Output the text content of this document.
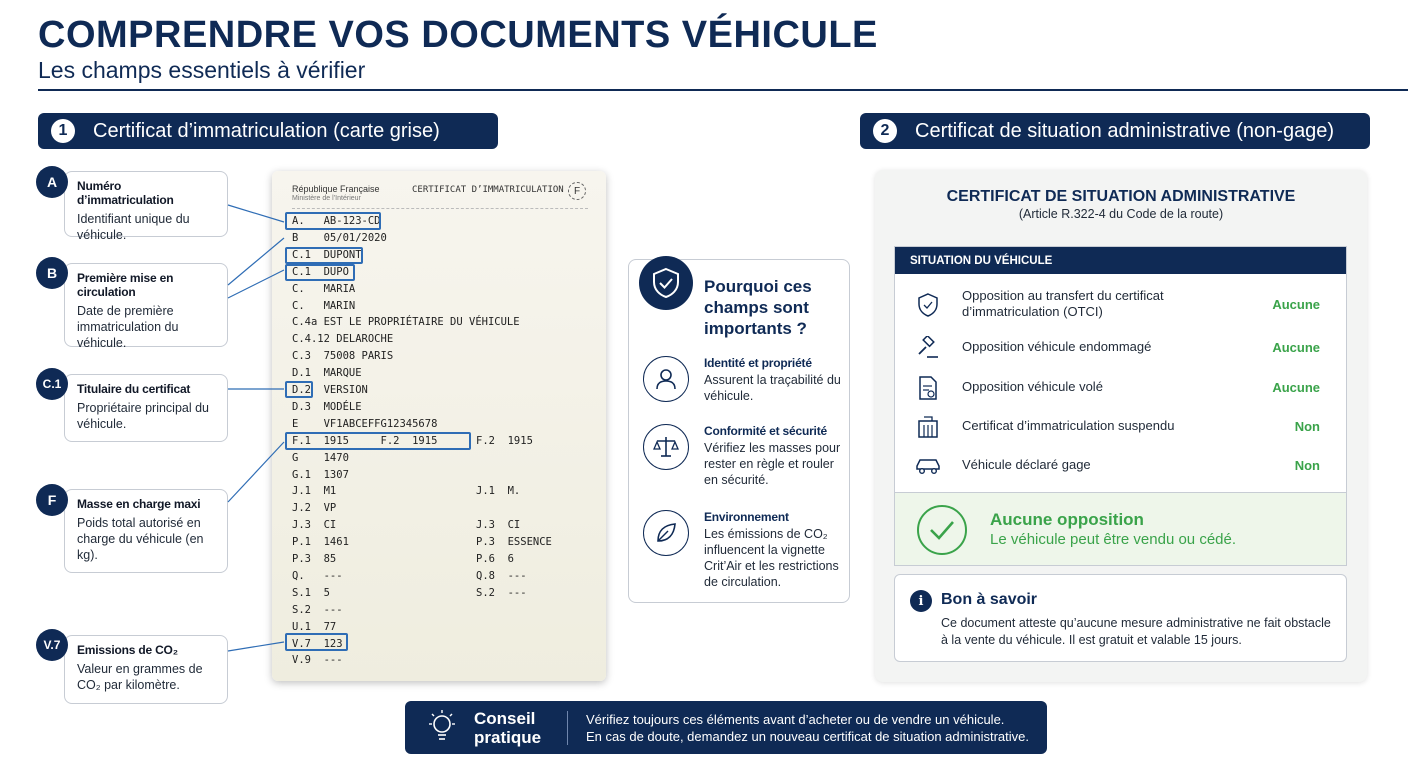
COMPRENDRE VOS DOCUMENTS VÉHICULE
Les champs essentiels à vérifier
1	Certificat d’immatriculation (carte grise)	2	Certificat de situation administrative (non-gage)
Numéro d’immatriculation
Identifiant unique du véhicule.
A
Première mise en circulation
Date de première immatriculation du véhicule.
B
Titulaire du certificat
Propriétaire principal du véhicule.
C.1
Masse en charge maxi
Poids total autorisé en charge du véhicule (en kg).
F
Emissions de CO₂
Valeur en grammes de CO₂ par kilomètre.
V.7
République Française
Ministère de l’Intérieur
CERTIFICAT D’IMMATRICULATION	F
A.   AB-123-CD
B    05/01/2020
C.1  DUPONT
C.1  DUPO
C.   MARIA
C.   MARIN
C.4a EST LE PROPRIÉTAIRE DU VÉHICULE
C.4.12 DELAROCHE
C.3  75008 PARIS
D.1  MARQUE
D.2  VERSION
D.3  MODÉLE
E    VF1ABCEFFG12345678
F.1  1915     F.2  1915	F.2  1915
G    1470
G.1  1307
J.1  M1	J.1  M.
J.2  VP
J.3  CI	J.3  CI
P.1  1461	P.3  ESSENCE
P.3  85	P.6  6
Q.   ---	Q.8  ---
S.1  5	S.2  ---
S.2  ---
U.1  77
V.7  123
V.9  ---
Pourquoi ces champs sont importants ?
Identité et propriété
Assurent la traçabilité du véhicule.
Conformité et sécurité
Vérifiez les masses pour rester en règle et rouler en sécurité.
Environnement
Les émissions de CO₂ influencent la vignette Crit’Air et les restrictions de circulation.
CERTIFICAT DE SITUATION ADMINISTRATIVE
(Article R.322-4 du Code de la route)
SITUATION DU VÉHICULE
Opposition au transfert du certificat d’immatriculation (OTCI)	Aucune
Opposition véhicule endommagé	Aucune
Opposition véhicule volé	Aucune
Certificat d’immatriculation suspendu	Non
Véhicule déclaré gage	Non
Aucune opposition
Le véhicule peut être vendu ou cédé.
i	Bon à savoir
Ce document atteste qu’aucune mesure administrative ne fait obstacle à la vente du véhicule. Il est gratuit et valable 15 jours.
Conseil
pratique
Vérifiez toujours ces éléments avant d’acheter ou de vendre un véhicule.
En cas de doute, demandez un nouveau certificat de situation administrative.
